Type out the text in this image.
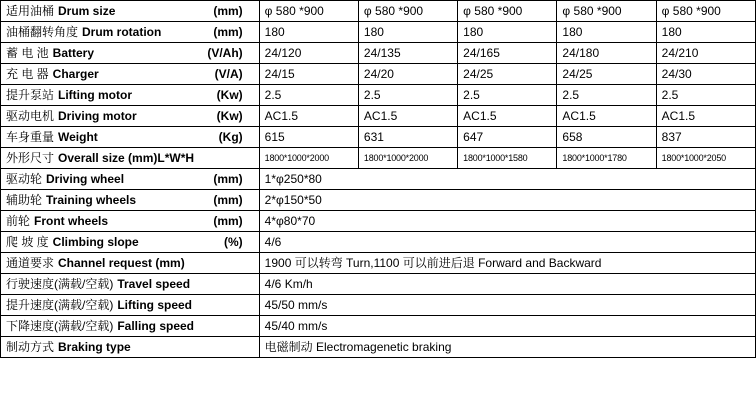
适用油桶 Drum size (mm)	φ 580 *900	φ 580 *900	φ 580 *900	φ 580 *900	φ 580 *900

油桶翻转角度 Drum rotation (mm)	180	180	180	180	180

蓄 电 池 Battery (V/Ah)	24/120	24/135	24/165	24/180	24/210

充 电 器 Charger (V/A)	24/15	24/20	24/25	24/25	24/30

提升泵站 Lifting motor (Kw)	2.5	2.5	2.5	2.5	2.5

驱动电机 Driving motor (Kw)	AC1.5	AC1.5	AC1.5	AC1.5	AC1.5

车身重量 Weight (Kg)	615	631	647	658	837

外形尺寸 Overall size (mm)L*W*H	1800*1000*2000	1800*1000*2000	1800*1000*1580	1800*1000*1780	1800*1000*2050

驱动轮 Driving wheel (mm)	1*φ250*80				

辅助轮 Training wheels (mm)	2*φ150*50				

前轮 Front wheels (mm)	4*φ80*70				

爬 坡 度 Climbing slope (%)	4/6				

通道要求 Channel request (mm)	1900 可以转弯 Turn,1100 可以前进后退 Forward and Backward				

行驶速度(满载/空载) Travel speed	4/6 Km/h				

提升速度(满载/空载) Lifting speed	45/50 mm/s				

下降速度(满载/空载) Falling speed	45/40 mm/s				

制动方式 Braking type	电磁制动 Electromagenetic braking				
